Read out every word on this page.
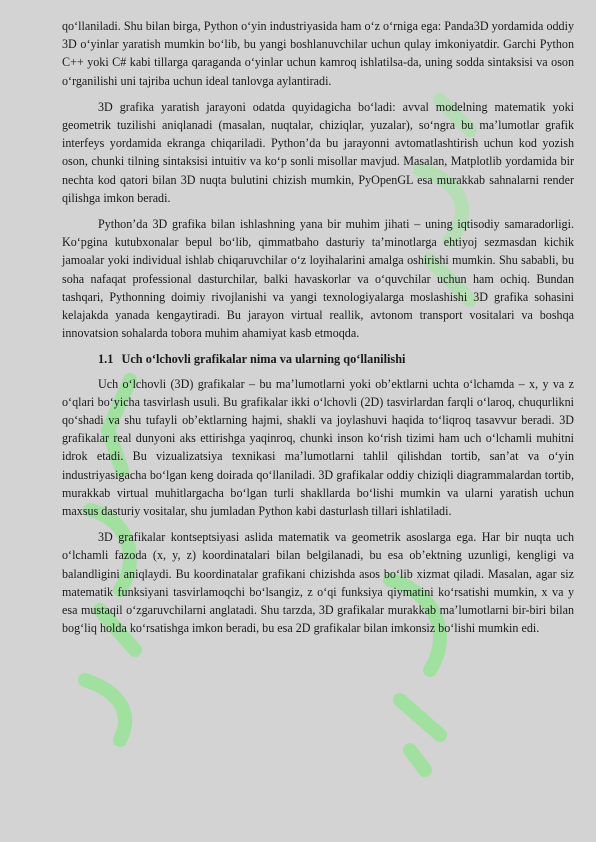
qo‘llaniladi. Shu bilan birga, Python o‘yin industriyasida ham o‘z o‘rniga ega: Panda3D yordamida oddiy 3D o‘yinlar yaratish mumkin bo‘lib, bu yangi boshlanuvchilar uchun qulay imkoniyatdir. Garchi Python C++ yoki C# kabi tillarga qaraganda o‘yinlar uchun kamroq ishlatilsa-da, uning sodda sintaksisi va oson o‘rganilishi uni tajriba uchun ideal tanlovga aylantiradi.

3D grafika yaratish jarayoni odatda quyidagicha bo‘ladi: avval modelning matematik yoki geometrik tuzilishi aniqlanadi (masalan, nuqtalar, chiziqlar, yuzalar), so‘ngra bu ma’lumotlar grafik interfeys yordamida ekranga chiqariladi. Python’da bu jarayonni avtomatlashtirish uchun kod yozish oson, chunki tilning sintaksisi intuitiv va ko‘p sonli misollar mavjud. Masalan, Matplotlib yordamida bir nechta kod qatori bilan 3D nuqta bulutini chizish mumkin, PyOpenGL esa murakkab sahnalarni render qilishga imkon beradi.

Python’da 3D grafika bilan ishlashning yana bir muhim jihati – uning iqtisodiy samaradorligi. Ko‘pgina kutubxonalar bepul bo‘lib, qimmatbaho dasturiy ta’minotlarga ehtiyoj sezmasdan kichik jamoalar yoki individual ishlab chiqaruvchilar o‘z loyihalarini amalga oshirishi mumkin. Shu sababli, bu soha nafaqat professional dasturchilar, balki havaskorlar va o‘quvchilar uchun ham ochiq. Bundan tashqari, Pythonning doimiy rivojlanishi va yangi texnologiyalarga moslashishi 3D grafika sohasini kelajakda yanada kengaytiradi. Bu jarayon virtual reallik, avtonom transport vositalari va boshqa innovatsion sohalarda tobora muhim ahamiyat kasb etmoqda.

1.1 Uch o‘lchovli grafikalar nima va ularning qo‘llanilishi

Uch o‘lchovli (3D) grafikalar – bu ma’lumotlarni yoki ob’ektlarni uchta o‘lchamda – x, y va z o‘qlari bo‘yicha tasvirlash usuli. Bu grafikalar ikki o‘lchovli (2D) tasvirlardan farqli o‘laroq, chuqurlikni qo‘shadi va shu tufayli ob’ektlarning hajmi, shakli va joylashuvi haqida to‘liqroq tasavvur beradi. 3D grafikalar real dunyoni aks ettirishga yaqinroq, chunki inson ko‘rish tizimi ham uch o‘lchamli muhitni idrok etadi. Bu vizualizatsiya texnikasi ma’lumotlarni tahlil qilishdan tortib, san’at va o‘yin industriyasigacha bo‘lgan keng doirada qo‘llaniladi. 3D grafikalar oddiy chiziqli diagrammalardan tortib, murakkab virtual muhitlargacha bo‘lgan turli shakllarda bo‘lishi mumkin va ularni yaratish uchun maxsus dasturiy vositalar, shu jumladan Python kabi dasturlash tillari ishlatiladi.

3D grafikalar kontseptsiyasi aslida matematik va geometrik asoslarga ega. Har bir nuqta uch o‘lchamli fazoda (x, y, z) koordinatalari bilan belgilanadi, bu esa ob’ektning uzunligi, kengligi va balandligini aniqlaydi. Bu koordinatalar grafikani chizishda asos bo‘lib xizmat qiladi. Masalan, agar siz matematik funksiyani tasvirlamoqchi bo‘lsangiz, z o‘qi funksiya qiymatini ko‘rsatishi mumkin, x va y esa mustaqil o‘zgaruvchilarni anglatadi. Shu tarzda, 3D grafikalar murakkab ma’lumotlarni bir-biri bilan bog‘liq holda ko‘rsatishga imkon beradi, bu esa 2D grafikalar bilan imkonsiz bo‘lishi mumkin edi.
